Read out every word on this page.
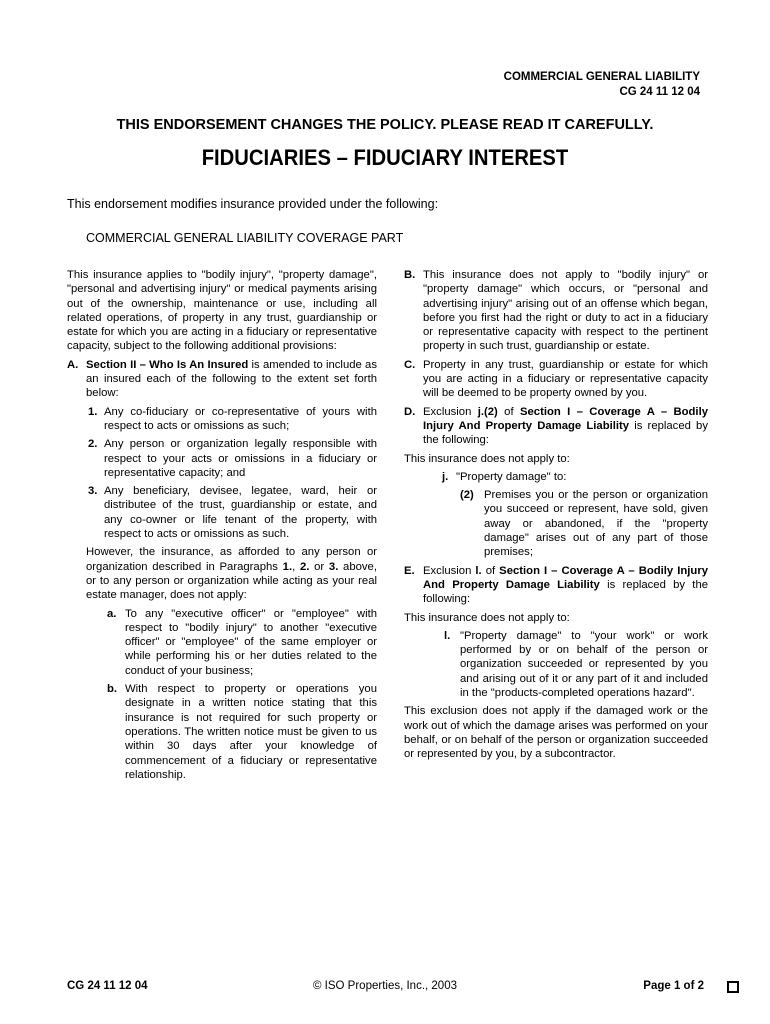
COMMERCIAL GENERAL LIABILITY
CG 24 11 12 04
THIS ENDORSEMENT CHANGES THE POLICY. PLEASE READ IT CAREFULLY.
FIDUCIARIES – FIDUCIARY INTEREST
This endorsement modifies insurance provided under the following:
COMMERCIAL GENERAL LIABILITY COVERAGE PART

This insurance applies to "bodily injury", "property damage", "personal and advertising injury" or medical payments arising out of the ownership, maintenance or use, including all related operations, of property in any trust, guardianship or estate for which you are acting in a fiduciary or representative capacity, subject to the following additional provisions:

A. Section II – Who Is An Insured is amended to include as an insured each of the following to the extent set forth below:
1. Any co-fiduciary or co-representative of yours with respect to acts or omissions as such;
2. Any person or organization legally responsible with respect to your acts or omissions in a fiduciary or representative capacity; and
3. Any beneficiary, devisee, legatee, ward, heir or distributee of the trust, guardianship or estate, and any co-owner or life tenant of the property, with respect to acts or omissions as such.

However, the insurance, as afforded to any person or organization described in Paragraphs 1., 2. or 3. above, or to any person or organization while acting as your real estate manager, does not apply:

a. To any "executive officer" or "employee" with respect to "bodily injury" to another "executive officer" or "employee" of the same employer or while performing his or her duties related to the conduct of your business;
b. With respect to property or operations you designate in a written notice stating that this insurance is not required for such property or operations. The written notice must be given to us within 30 days after your knowledge of commencement of a fiduciary or representative relationship.
B. This insurance does not apply to "bodily injury" or "property damage" which occurs, or "personal and advertising injury" arising out of an offense which began, before you first had the right or duty to act in a fiduciary or representative capacity with respect to the pertinent property in such trust, guardianship or estate.
C. Property in any trust, guardianship or estate for which you are acting in a fiduciary or representative capacity will be deemed to be property owned by you.
D. Exclusion j.(2) of Section I – Coverage A – Bodily Injury And Property Damage Liability is replaced by the following:

This insurance does not apply to:

j. "Property damage" to:
(2) Premises you or the person or organization you succeed or represent, have sold, given away or abandoned, if the "property damage" arises out of any part of those premises;
E. Exclusion l. of Section I – Coverage A – Bodily Injury And Property Damage Liability is replaced by the following:

This insurance does not apply to:

l. "Property damage" to "your work" or work performed by or on behalf of the person or organization succeeded or represented by you and arising out of it or any part of it and included in the "products-completed operations hazard".

This exclusion does not apply if the damaged work or the work out of which the damage arises was performed on your behalf, or on behalf of the person or organization succeeded or represented by you, by a subcontractor.

CG 24 11 12 04	© ISO Properties, Inc., 2003	Page 1 of 2
